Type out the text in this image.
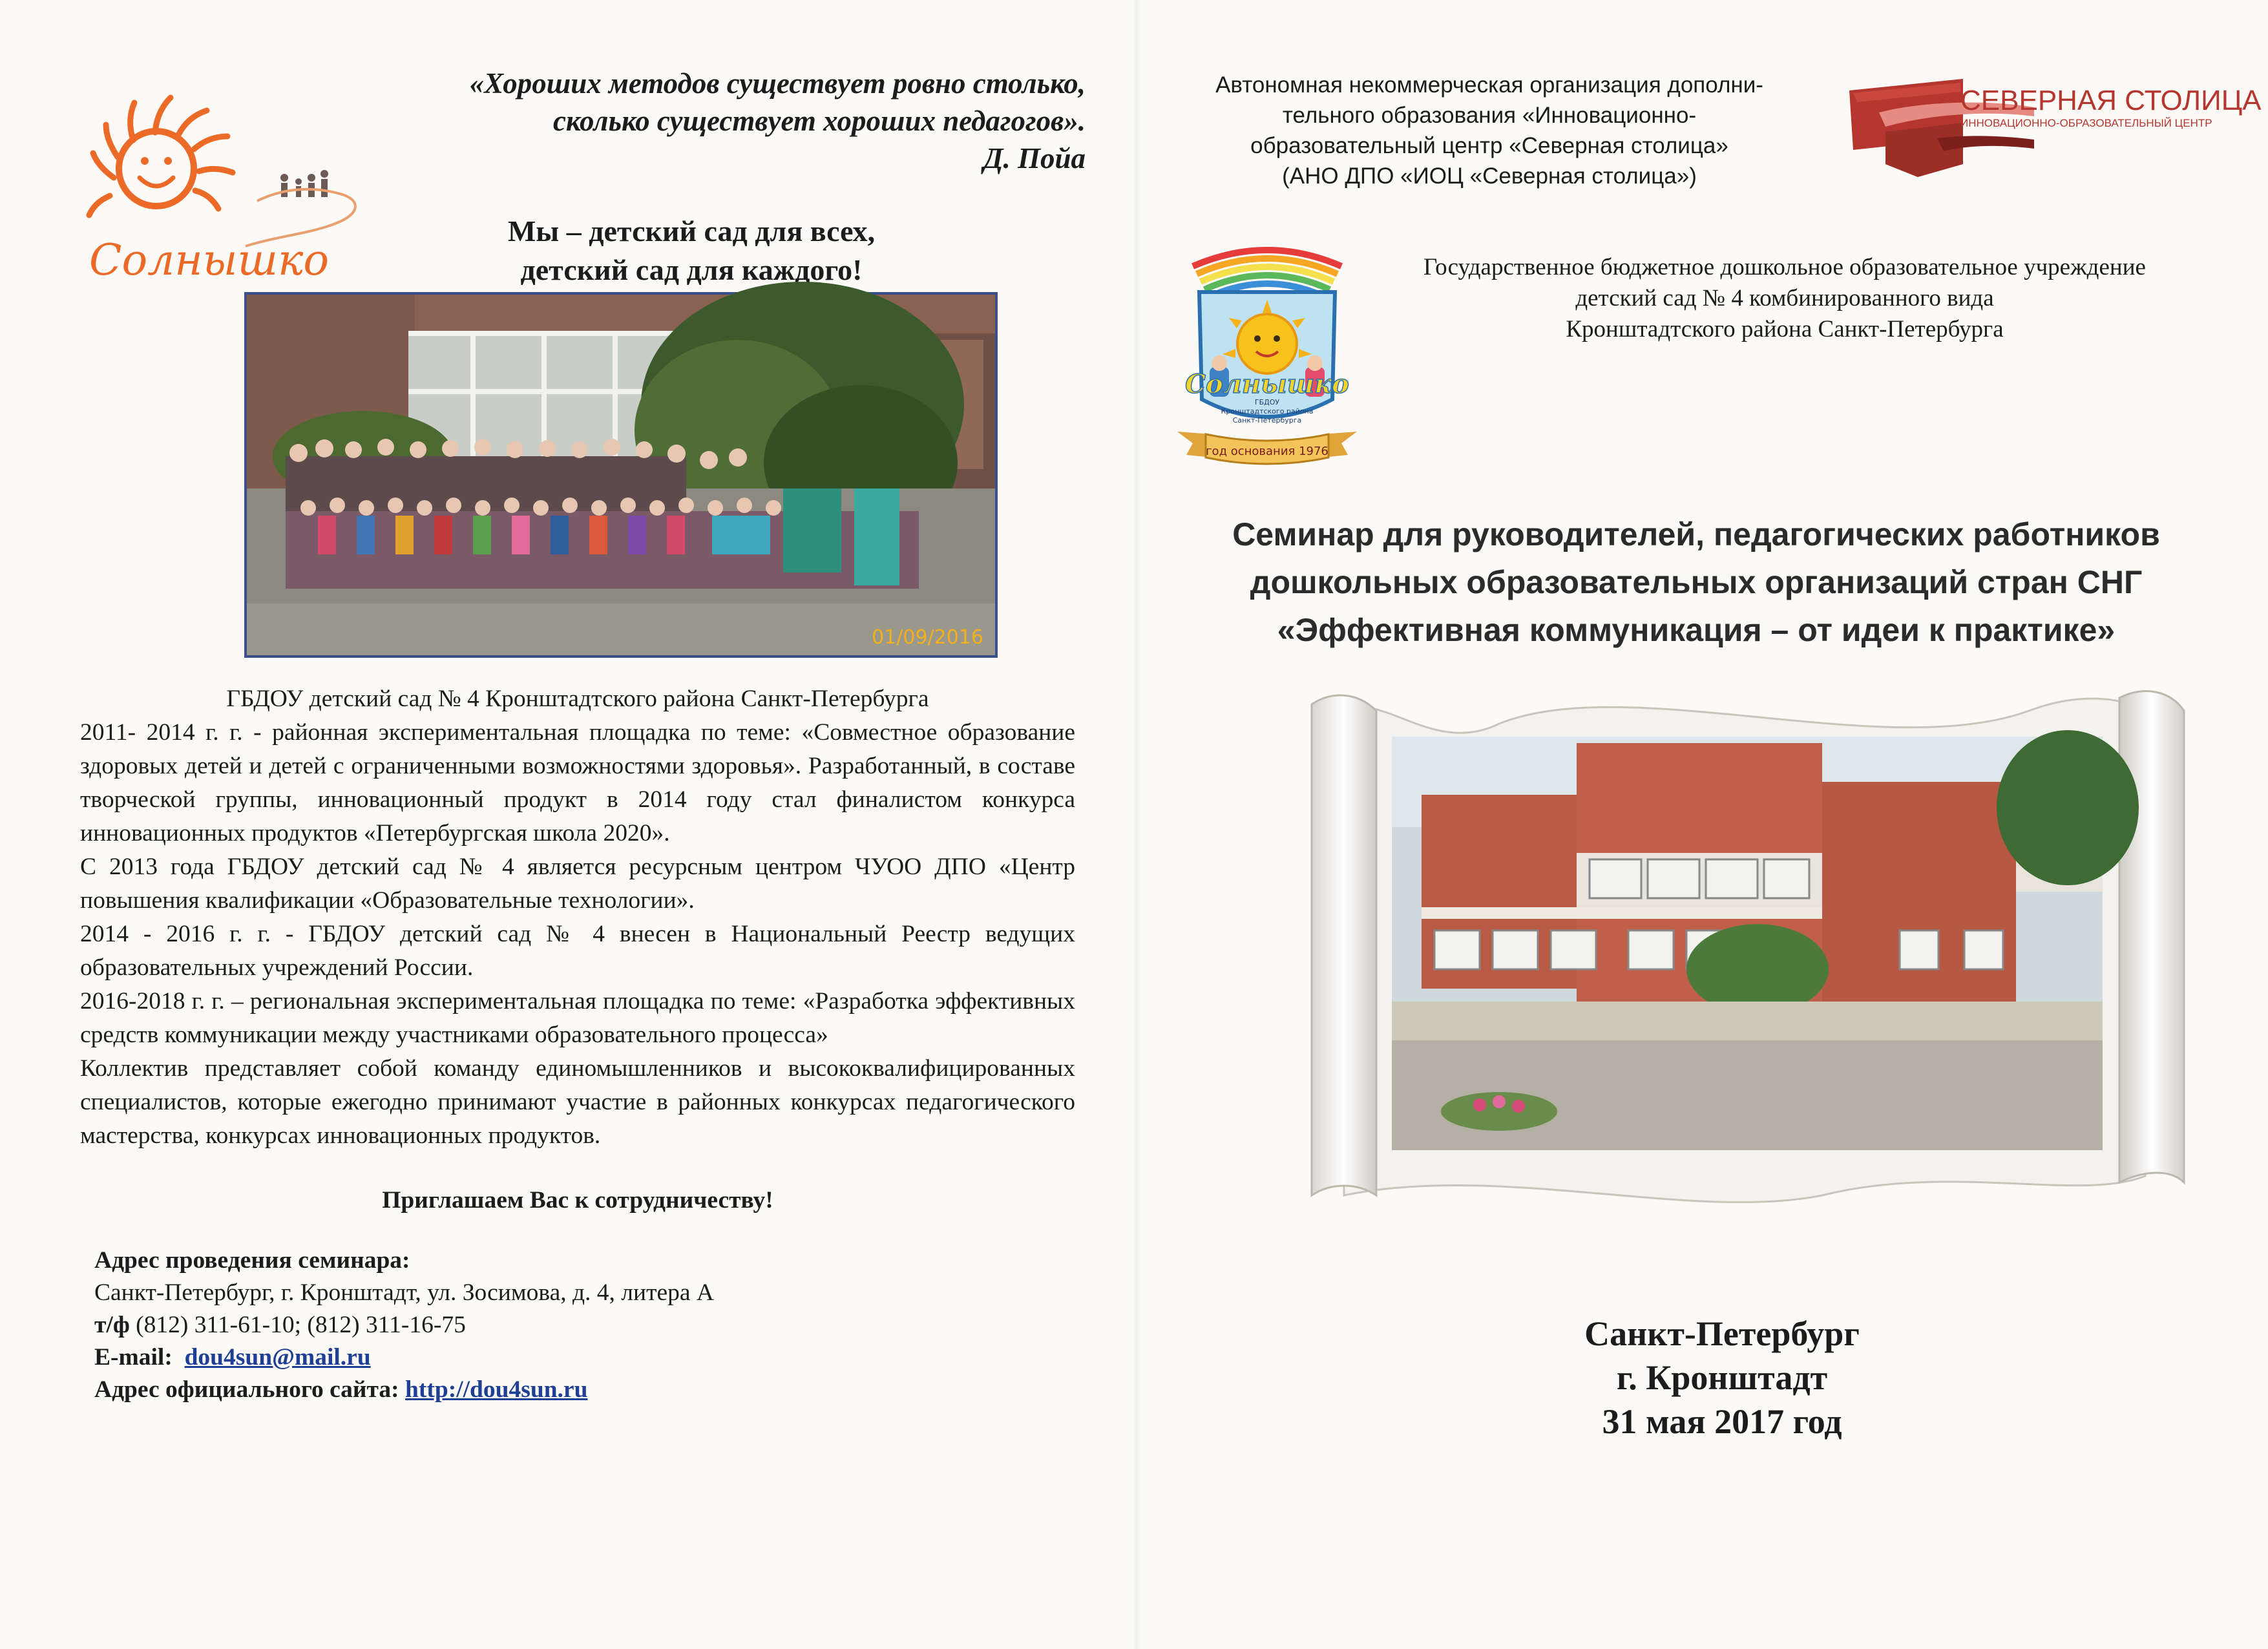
Солнышко
«Хороших методов существует ровно столько,
сколько существует хороших педагогов».
Д. Пойа
Мы – детский сад для всех,
детский сад для каждого!
01/09/2016

ГБДОУ детский сад № 4 Кронштадтского района Санкт-Петербурга

2011- 2014 г. г. - районная экспериментальная площадка по теме: «Совместное образование здоровых детей и детей с ограниченными возможностями здоровья». Разработанный, в составе творческой группы, инновационный продукт в 2014 году стал финалистом конкурса инновационных продуктов «Петербургская школа 2020».

С 2013 года ГБДОУ детский сад № 4 является ресурсным центром ЧУОО ДПО «Центр повышения квалификации «Образовательные технологии».

2014 - 2016 г. г. - ГБДОУ детский сад № 4 внесен в Национальный Реестр ведущих образовательных учреждений России.

2016-2018 г. г. – региональная экспериментальная площадка по теме: «Разработка эффективных средств коммуникации между участниками образовательного процесса»

Коллектив представляет собой команду единомышленников и высококвалифицированных специалистов, которые ежегодно принимают участие в районных конкурсах педагогического мастерства, конкурсах инновационных продуктов.

Приглашаем Вас к сотрудничеству!
Адрес проведения семинара:
Санкт-Петербург, г. Кронштадт, ул. Зосимова, д. 4, литера А
т/ф (812) 311-61-10; (812) 311-16-75
E-mail: dou4sun@mail.ru
Адрес официального сайта: http://dou4sun.ru
Автономная некоммерческая организация дополни-
тельного образования «Инновационно-
образовательный центр «Северная столица»
(АНО ДПО «ИОЦ «Северная столица»)
СЕВЕРНАЯ СТОЛИЦА
ИННОВАЦИОННО-ОБРАЗОВАТЕЛЬНЫЙ ЦЕНТР
Солнышко
ГБДОУ
Кронштадтского района
Санкт-Петербурга
год основания 1976
Государственное бюджетное дошкольное образовательное учреждение
детский сад № 4 комбинированного вида
Кронштадтского района Санкт-Петербурга
Семинар для руководителей, педагогических работников
дошкольных образовательных организаций стран СНГ
«Эффективная коммуникация – от идеи к практике»
Санкт-Петербург
г. Кронштадт
31 мая 2017 год
